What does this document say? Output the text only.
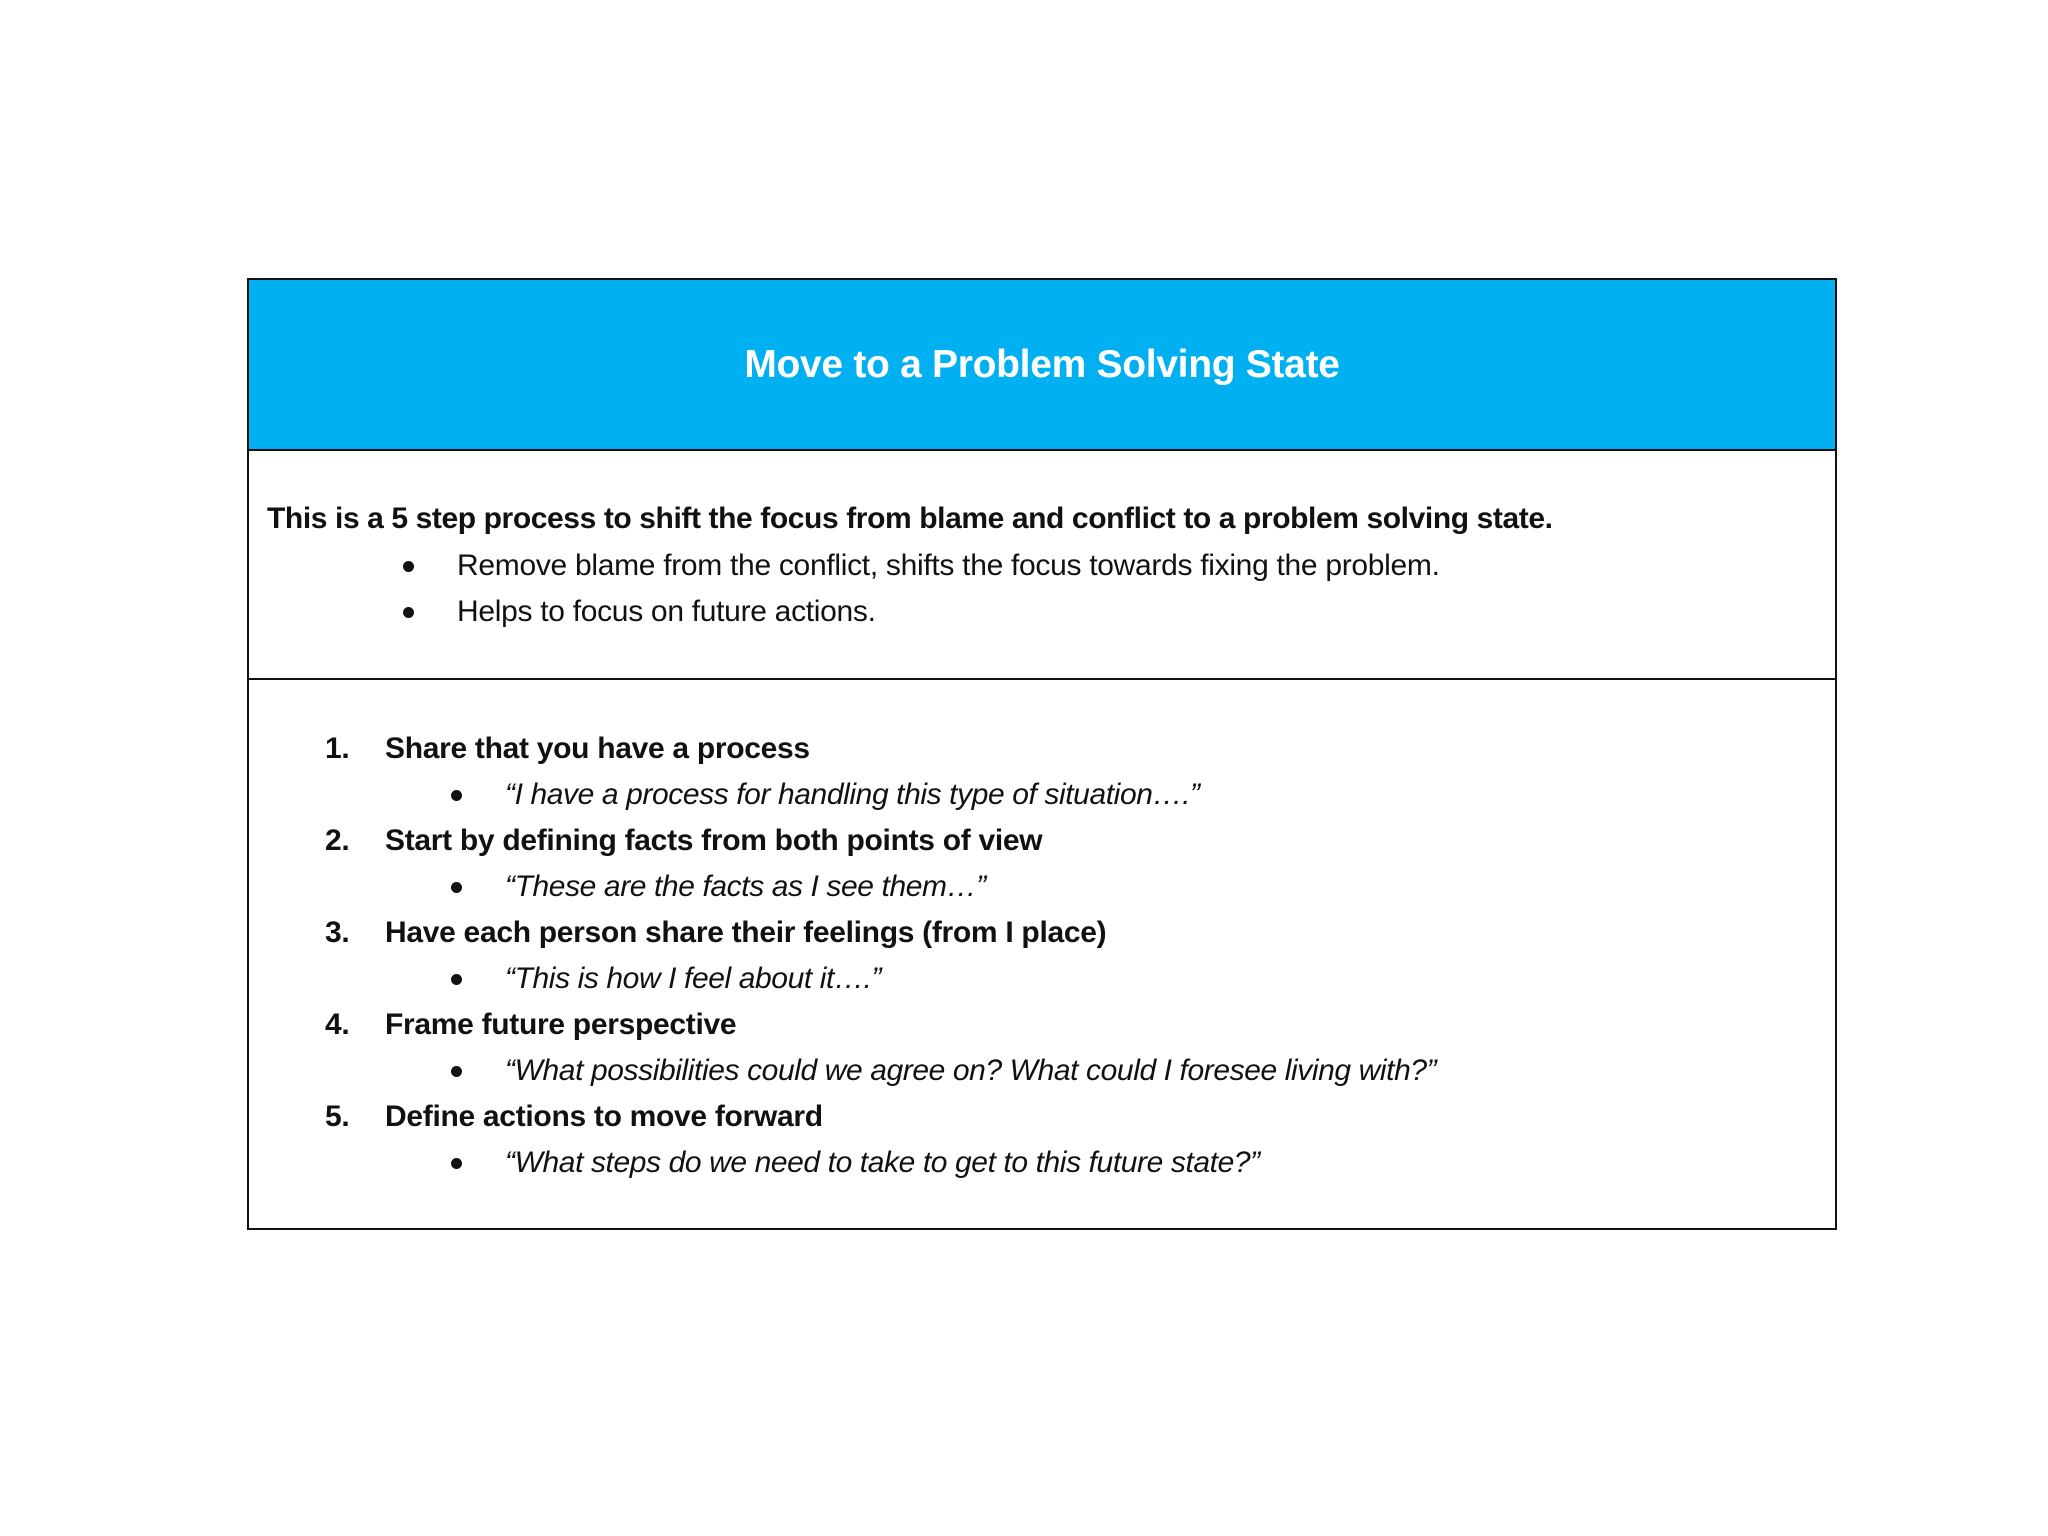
Move to a Problem Solving State
This is a 5 step process to shift the focus from blame and conflict to a problem solving state.
Remove blame from the conflict, shifts the focus towards fixing the problem.
Helps to focus on future actions.
1.	Share that you have a process
“I have a process for handling this type of situation….”
2.	Start by defining facts from both points of view
“These are the facts as I see them…”
3.	Have each person share their feelings (from I place)
“This is how I feel about it….”
4.	Frame future perspective
“What possibilities could we agree on? What could I foresee living with?”
5.	Define actions to move forward
“What steps do we need to take to get to this future state?”
